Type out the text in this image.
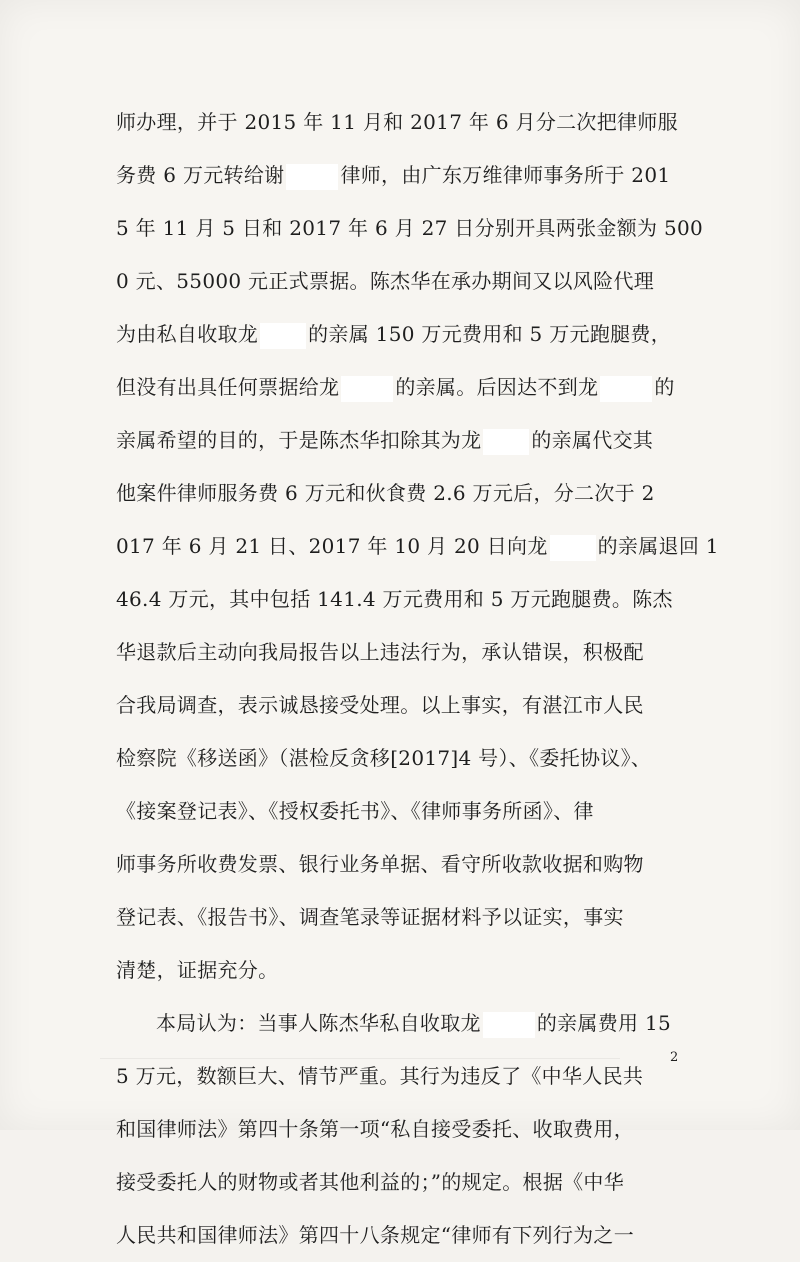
师办理，并于 2015 年 11 月和 2017 年 6 月分二次把律师服
务费 6 万元转给谢	律师，由广东万维律师事务所于 201
5 年 11 月 5 日和 2017 年 6 月 27 日分别开具两张金额为 500
0 元、55000 元正式票据。陈杰华在承办期间又以风险代理
为由私自收取龙	的亲属 150 万元费用和 5 万元跑腿费，
但没有出具任何票据给龙	的亲属。后因达不到龙	的
亲属希望的目的，于是陈杰华扣除其为龙	的亲属代交其
他案件律师服务费 6 万元和伙食费 2.6 万元后，分二次于 2
017 年 6 月 21 日、2017 年 10 月 20 日向龙	的亲属退回 1
46.4 万元，其中包括 141.4 万元费用和 5 万元跑腿费。陈杰
华退款后主动向我局报告以上违法行为，承认错误，积极配
合我局调查，表示诚恳接受处理。以上事实，有湛江市人民
检察院《移送函》（湛检反贪移[2017]4 号）、《委托协议》、
《接案登记表》、《授权委托书》、《律师事务所函》、律
师事务所收费发票、银行业务单据、看守所收款收据和购物
登记表、《报告书》、调查笔录等证据材料予以证实，事实
清楚，证据充分。
本局认为：当事人陈杰华私自收取龙	的亲属费用 15
5 万元，数额巨大、情节严重。其行为违反了《中华人民共
和国律师法》第四十条第一项“私自接受委托、收取费用，
接受委托人的财物或者其他利益的；”的规定。根据《中华
人民共和国律师法》第四十八条规定“律师有下列行为之一
2
